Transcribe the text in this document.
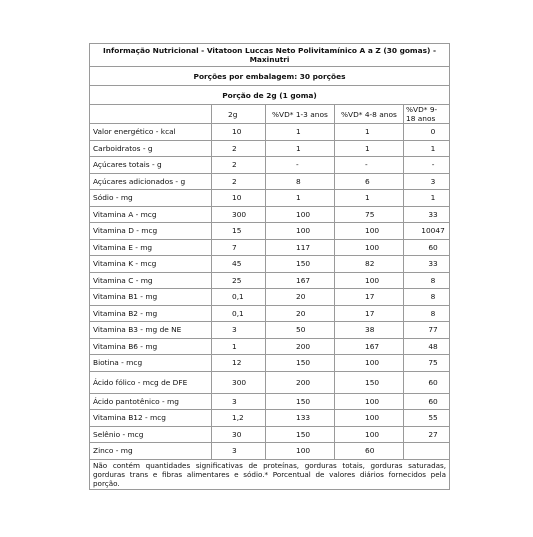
Informação Nutricional - Vitatoon Luccas Neto Polivitamínico A a Z (30 gomas) - Maxinutri				
Porções por embalagem: 30 porções				
Porção de 2g (1 goma)				
	2g	%VD* 1-3 anos	%VD* 4-8 anos	%VD* 9-18 anos
Valor energético - kcal	10	1	1	0
Carboidratos - g	2	1	1	1
Açúcares totais - g	2	-	-	-
Açúcares adicionados - g	2	8	6	3
Sódio - mg	10	1	1	1
Vitamina A - mcg	300	100	75	33
Vitamina D - mcg	15	100	100	10047
Vitamina E - mg	7	117	100	60
Vitamina K - mcg	45	150	82	33
Vitamina C - mg	25	167	100	8
Vitamina B1 - mg	0,1	20	17	8
Vitamina B2 - mg	0,1	20	17	8
Vitamina B3 - mg de NE	3	50	38	77
Vitamina B6 - mg	1	200	167	48
Biotina - mcg	12	150	100	75
Ácido fólico - mcg de DFE	300	200	150	60
Ácido pantotênico - mg	3	150	100	60
Vitamina B12 - mcg	1,2	133	100	55
Selênio - mcg	30	150	100	27
Zinco - mg	3	100	60	
Não contém quantidades significativas de proteínas, gorduras totais, gorduras saturadas, gorduras trans e fibras alimentares e sódio.* Porcentual de valores diários fornecidos pela porção.				
